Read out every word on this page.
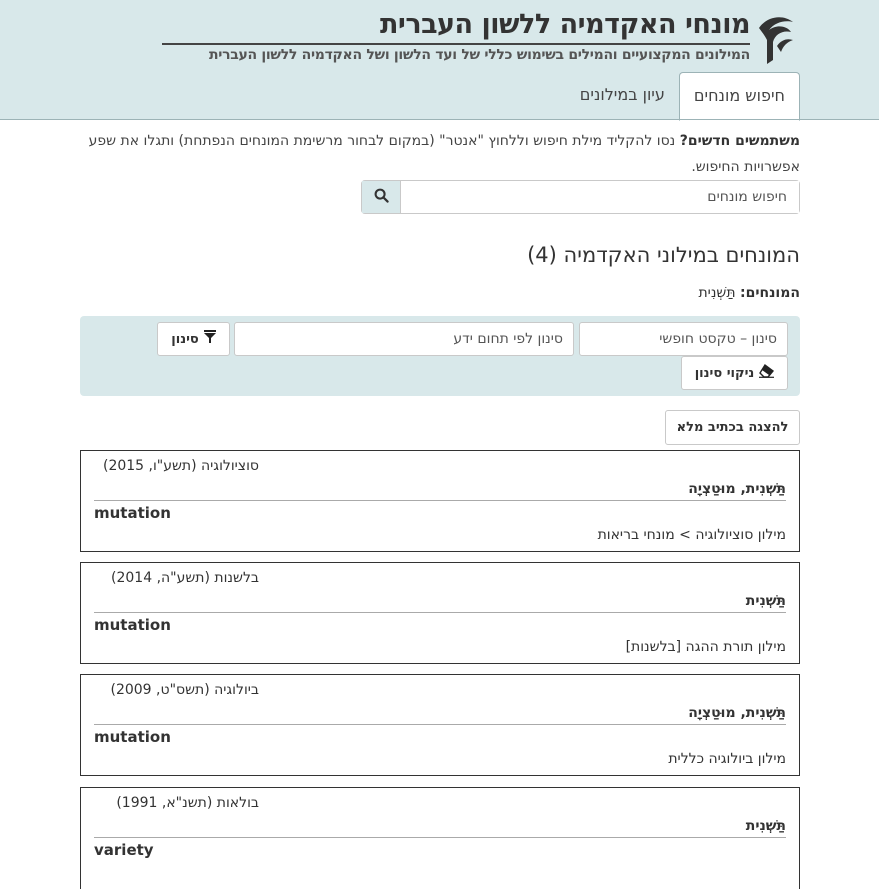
מונחי האקדמיה ללשון העברית
המילונים המקצועיים והמילים בשימוש כללי של ועד הלשון ושל האקדמיה ללשון העברית
חיפוש מונחים
עיון במילונים

משתמשים חדשים? נסו להקליד מילת חיפוש וללחוץ "אנטר" (במקום לבחור מרשימת המונחים הנפתחת) ותגלו את שפע אפשרויות החיפוש.

חיפוש מונחים
המונחים במילוני האקדמיה (4)
המונחים: תַּשְׁנִית
סינון – טקסט חופשי
סינון לפי תחום ידע
סינון
ניקוי סינון
להצגה בכתיב מלא
סוציולוגיה (תשע"ו, 2015)
תַּשְׁנִית, מוּטַצְיָה
mutation
מילון סוציולוגיה > מונחי בריאות
בלשנות (תשע"ה, 2014)
תַּשְׁנִית
mutation
מילון תורת ההגה [בלשנות]
ביולוגיה (תשס"ט, 2009)
תַּשְׁנִית, מוּטַצְיָה
mutation
מילון ביולוגיה כללית
בולאות (תשנ"א, 1991)
תַּשְׁנִית
variety
